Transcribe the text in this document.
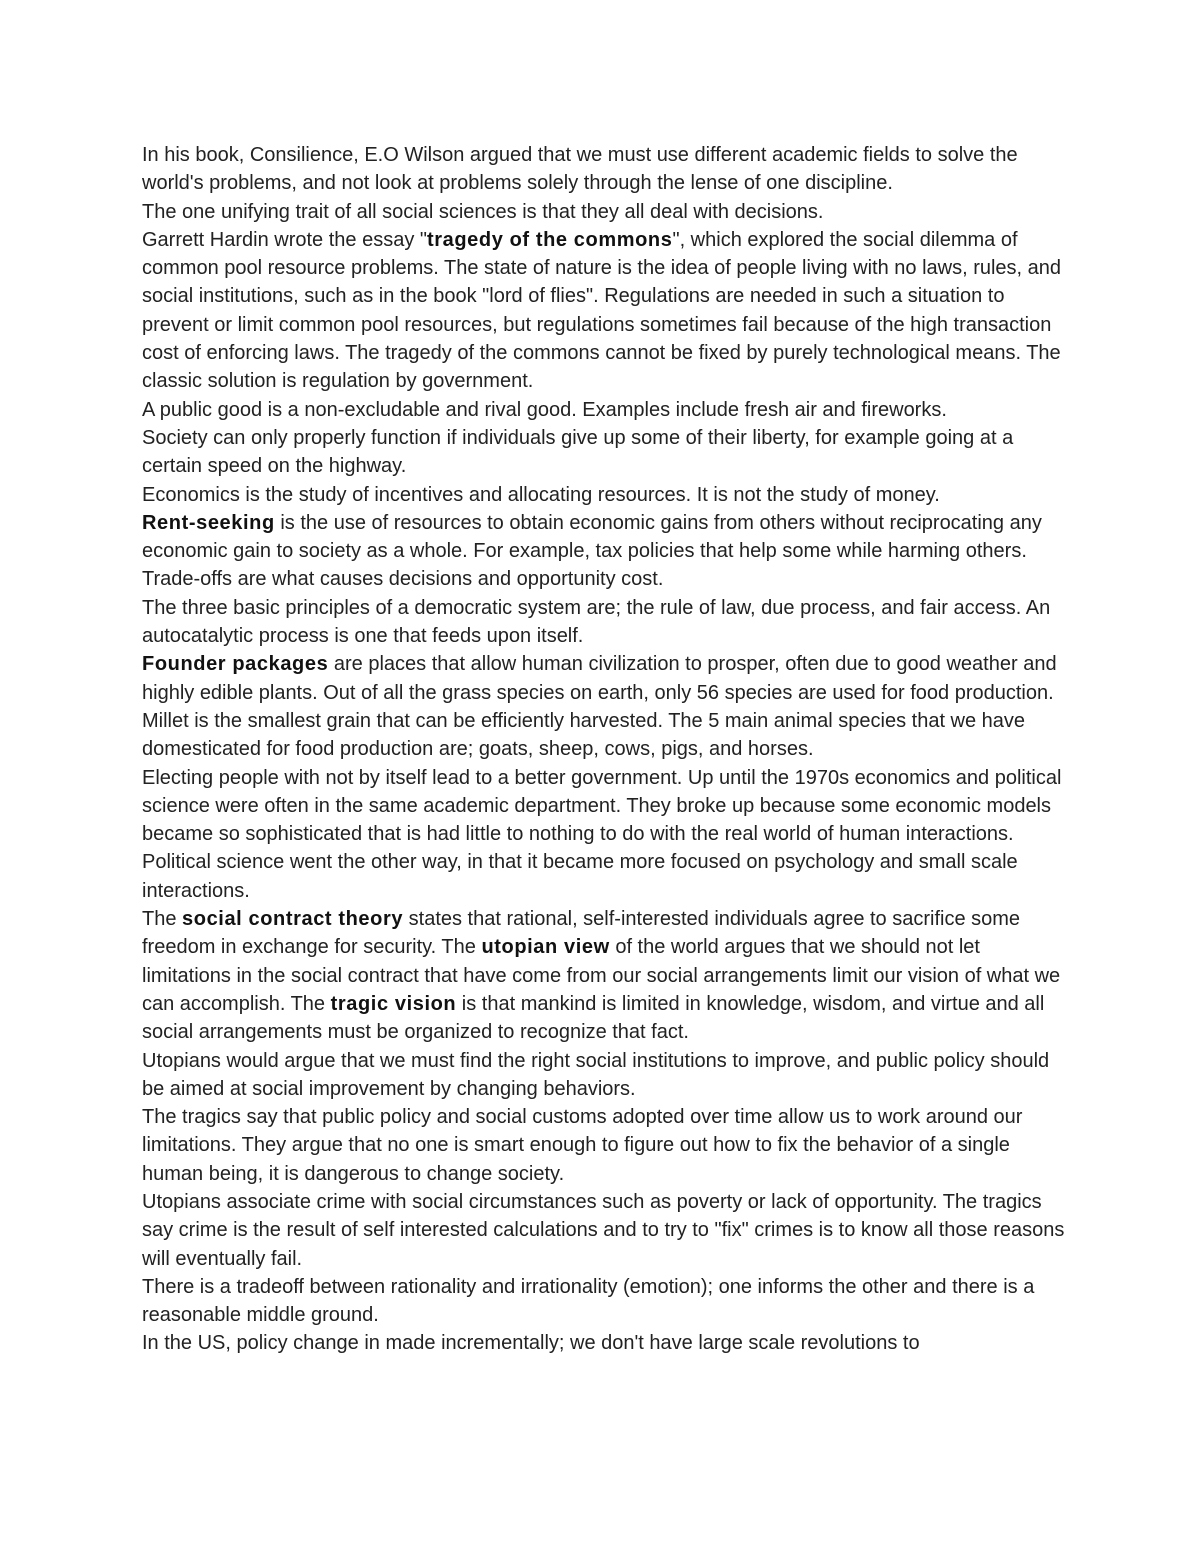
In his book, Consilience, E.O Wilson argued that we must use different academic fields to solve the world's problems, and not look at problems solely through the lense of one discipline.

The one unifying trait of all social sciences is that they all deal with decisions.

Garrett Hardin wrote the essay "tragedy of the commons", which explored the social dilemma of common pool resource problems. The state of nature is the idea of people living with no laws, rules, and social institutions, such as in the book "lord of flies". Regulations are needed in such a situation to prevent or limit common pool resources, but regulations sometimes fail because of the high transaction cost of enforcing laws. The tragedy of the commons cannot be fixed by purely technological means. The classic solution is regulation by government.

A public good is a non-excludable and rival good. Examples include fresh air and fireworks.

Society can only properly function if individuals give up some of their liberty, for example going at a certain speed on the highway.

Economics is the study of incentives and allocating resources. It is not the study of money.

Rent-seeking is the use of resources to obtain economic gains from others without reciprocating any economic gain to society as a whole. For example, tax policies that help some while harming others. Trade-offs are what causes decisions and opportunity cost.

The three basic principles of a democratic system are; the rule of law, due process, and fair access. An autocatalytic process is one that feeds upon itself.

Founder packages are places that allow human civilization to prosper, often due to good weather and highly edible plants. Out of all the grass species on earth, only 56 species are used for food production. Millet is the smallest grain that can be efficiently harvested. The 5 main animal species that we have domesticated for food production are; goats, sheep, cows, pigs, and horses.

Electing people with not by itself lead to a better government. Up until the 1970s economics and political science were often in the same academic department. They broke up because some economic models became so sophisticated that is had little to nothing to do with the real world of human interactions. Political science went the other way, in that it became more focused on psychology and small scale interactions.

The social contract theory states that rational, self-interested individuals agree to sacrifice some freedom in exchange for security. The utopian view of the world argues that we should not let limitations in the social contract that have come from our social arrangements limit our vision of what we can accomplish. The tragic vision is that mankind is limited in knowledge, wisdom, and virtue and all social arrangements must be organized to recognize that fact.

Utopians would argue that we must find the right social institutions to improve, and public policy should be aimed at social improvement by changing behaviors.

The tragics say that public policy and social customs adopted over time allow us to work around our limitations. They argue that no one is smart enough to figure out how to fix the behavior of a single human being, it is dangerous to change society.

Utopians associate crime with social circumstances such as poverty or lack of opportunity. The tragics say crime is the result of self interested calculations and to try to "fix" crimes is to know all those reasons will eventually fail.

There is a tradeoff between rationality and irrationality (emotion); one informs the other and there is a reasonable middle ground.

In the US, policy change in made incrementally; we don't have large scale revolutions to
